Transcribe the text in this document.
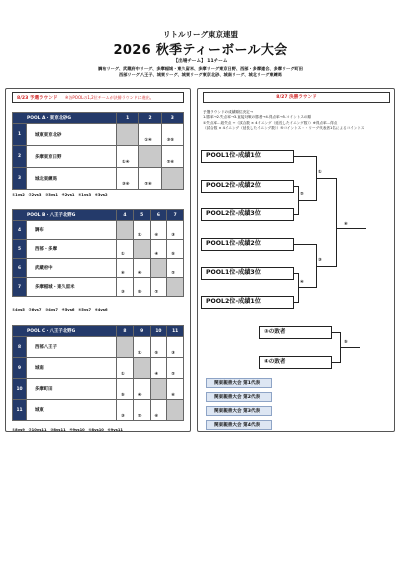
リトルリーグ東京連盟
2026 秋季ティーボール大会
【出場チーム】 11チーム
調布リーグ、武蔵府中リーグ、多摩稲城・東久留米、多摩リーグ東京日野、西部・多摩連合、多摩リーグ町田
西部リーグ八王子、城東リーグ、城東リーグ東京北砂、城南リーグ、城北リーグ東練馬
8/23 予選ラウンド ※各POOLの1,2位チームが決勝ラウンドに進出。
POOL A・東京北砂G		1	2	3
1	城東東京北砂		①④	③⑤

2	多摩東京日野	①④		②⑥

3	城北東練馬	③⑥	②⑥	

①1vs2　②2vs3　③3vs1　④2vs1　⑤1vs3　⑥3vs2
POOL B・八王子北野G		4	5	6	7
4	調布		①	⑥	③

5	西部・多摩	①		④	⑤

6	武蔵府中	⑥	④		②

7	多摩稲城・東久留米	③	⑤	②	

①4vs5　②6vs7　③4vs7　④5vs6　⑤5vs7　⑥4vs6
POOL C・八王子北野G		8	9	10	11
8	西部八王子		①	⑤	③

9	城南	①		④	②

10	多摩町田	⑤	④		⑥

11	城東	③	②	⑥	

①8vs9　②10vs11　③8vs11　④9vs10　⑤8vs10　⑥9vs11
8/27 決勝ラウンド
予選ラウンドの成績順位決定→
1.勝率→2.失点率→3.直接対戦の勝者→4.得点率→5.コイントスの順
①失点率…総失点 ÷（試合数 × 4イニング（延長したイニング数））※得点率…得点
（試合数 × 4イニング（延長したイニング数））⑤コイントス・・リーグ代表者1名によるコイントス
POOL1位-成績1位
POOL2位-成績2位
POOL2位-成績3位
POOL1位-成績2位
POOL1位-成績3位
POOL2位-成績1位
②
①
④
③
⑥
③の敗者
④の敗者
⑤
関東親善大会 第1代表
関東親善大会 第2代表
関東親善大会 第3代表
関東親善大会 第4代表
